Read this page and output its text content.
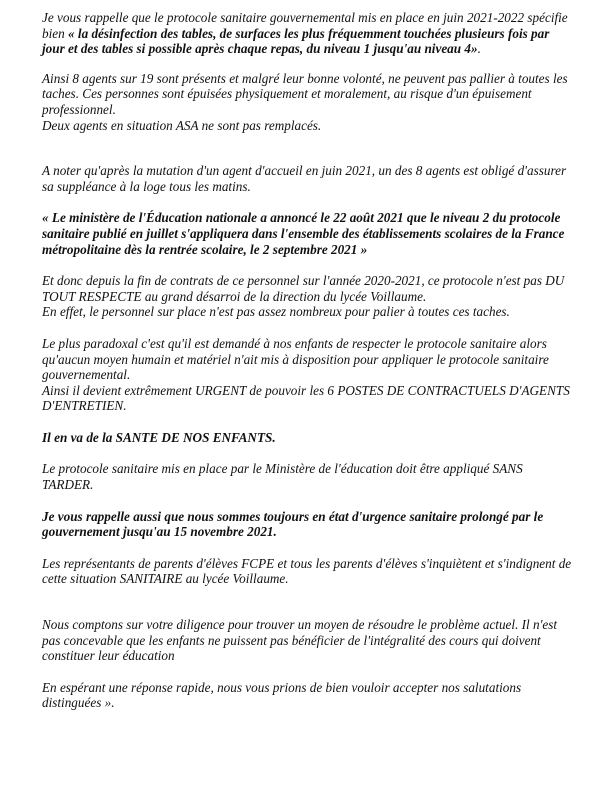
Je vous rappelle que le protocole sanitaire gouvernemental mis en place en juin 2021-2022 spécifie bien « la désinfection des tables, de surfaces les plus fréquemment touchées plusieurs fois par jour et des tables si possible après chaque repas, du niveau 1 jusqu'au niveau 4».

Ainsi 8 agents sur 19 sont présents et malgré leur bonne volonté, ne peuvent pas pallier à toutes les taches. Ces personnes sont épuisées physiquement et moralement, au risque d'un épuisement professionnel.
Deux agents en situation ASA ne sont pas remplacés.

A noter qu'après la mutation d'un agent d'accueil en juin 2021, un des 8 agents est obligé d'assurer sa suppléance à la loge tous les matins.

« Le ministère de l'Éducation nationale a annoncé le 22 août 2021 que le niveau 2 du protocole sanitaire publié en juillet s'appliquera dans l'ensemble des établissements scolaires de la France métropolitaine dès la rentrée scolaire, le 2 septembre 2021 »

Et donc depuis la fin de contrats de ce personnel sur l'année 2020-2021, ce protocole n'est pas DU TOUT RESPECTE au grand désarroi de la direction du lycée Voillaume.
En effet, le personnel sur place n'est pas assez nombreux pour palier à toutes ces taches.

Le plus paradoxal c'est qu'il est demandé à nos enfants de respecter le protocole sanitaire alors qu'aucun moyen humain et matériel n'ait mis à disposition pour appliquer le protocole sanitaire gouvernemental.
Ainsi il devient extrêmement URGENT de pouvoir les 6 POSTES DE CONTRACTUELS D'AGENTS D'ENTRETIEN.

Il en va de la SANTE DE NOS ENFANTS.

Le protocole sanitaire mis en place par le Ministère de l'éducation doit être appliqué SANS TARDER.

Je vous rappelle aussi que nous sommes toujours en état d'urgence sanitaire prolongé par le gouvernement jusqu'au 15 novembre 2021.

Les représentants de parents d'élèves FCPE et tous les parents d'élèves s'inquiètent et s'indignent de cette situation SANITAIRE au lycée Voillaume.

Nous comptons sur votre diligence pour trouver un moyen de résoudre le problème actuel. Il n'est pas concevable que les enfants ne puissent pas bénéficier de l'intégralité des cours qui doivent constituer leur éducation

En espérant une réponse rapide, nous vous prions de bien vouloir accepter nos salutations distinguées ».
